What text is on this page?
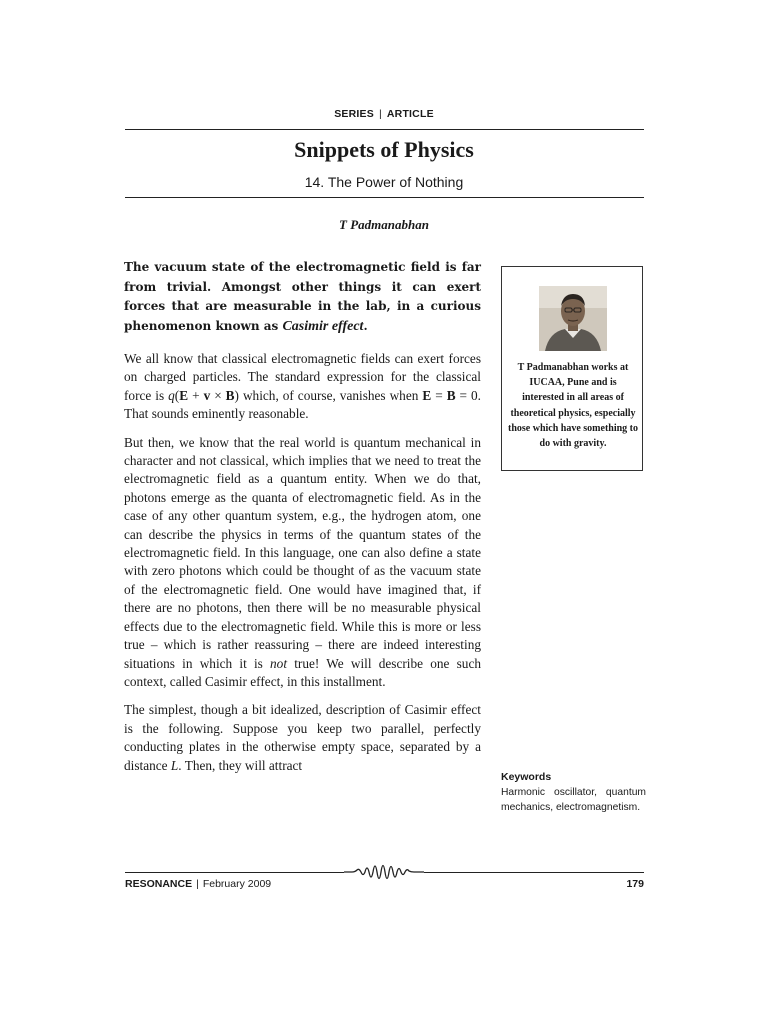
SERIES | ARTICLE
Snippets of Physics
14. The Power of Nothing
T Padmanabhan

The vacuum state of the electromagnetic field is far from trivial. Amongst other things it can exert forces that are measurable in the lab, in a curious phenomenon known as Casimir effect.

We all know that classical electromagnetic fields can exert forces on charged particles. The standard expression for the classical force is q(E + v × B) which, of course, vanishes when E = B = 0. That sounds eminently reasonable.

But then, we know that the real world is quantum mechanical in character and not classical, which implies that we need to treat the electromagnetic field as a quantum entity. When we do that, photons emerge as the quanta of electromagnetic field. As in the case of any other quantum system, e.g., the hydrogen atom, one can describe the physics in terms of the quantum states of the electromagnetic field. In this language, one can also define a state with zero photons which could be thought of as the vacuum state of the electromagnetic field. One would have imagined that, if there are no photons, then there will be no measurable physical effects due to the electromagnetic field. While this is more or less true – which is rather reassuring – there are indeed interesting situations in which it is not true! We will describe one such context, called Casimir effect, in this installment.

The simplest, though a bit idealized, description of Casimir effect is the following. Suppose you keep two parallel, perfectly conducting plates in the otherwise empty space, separated by a distance L. Then, they will attract

T Padmanabhan works at IUCAA, Pune and is interested in all areas of theoretical physics, especially those which have something to do with gravity.
Keywords
Harmonic oscillator, quantum mechanics, electromagnetism.
RESONANCE | February 2009	179
